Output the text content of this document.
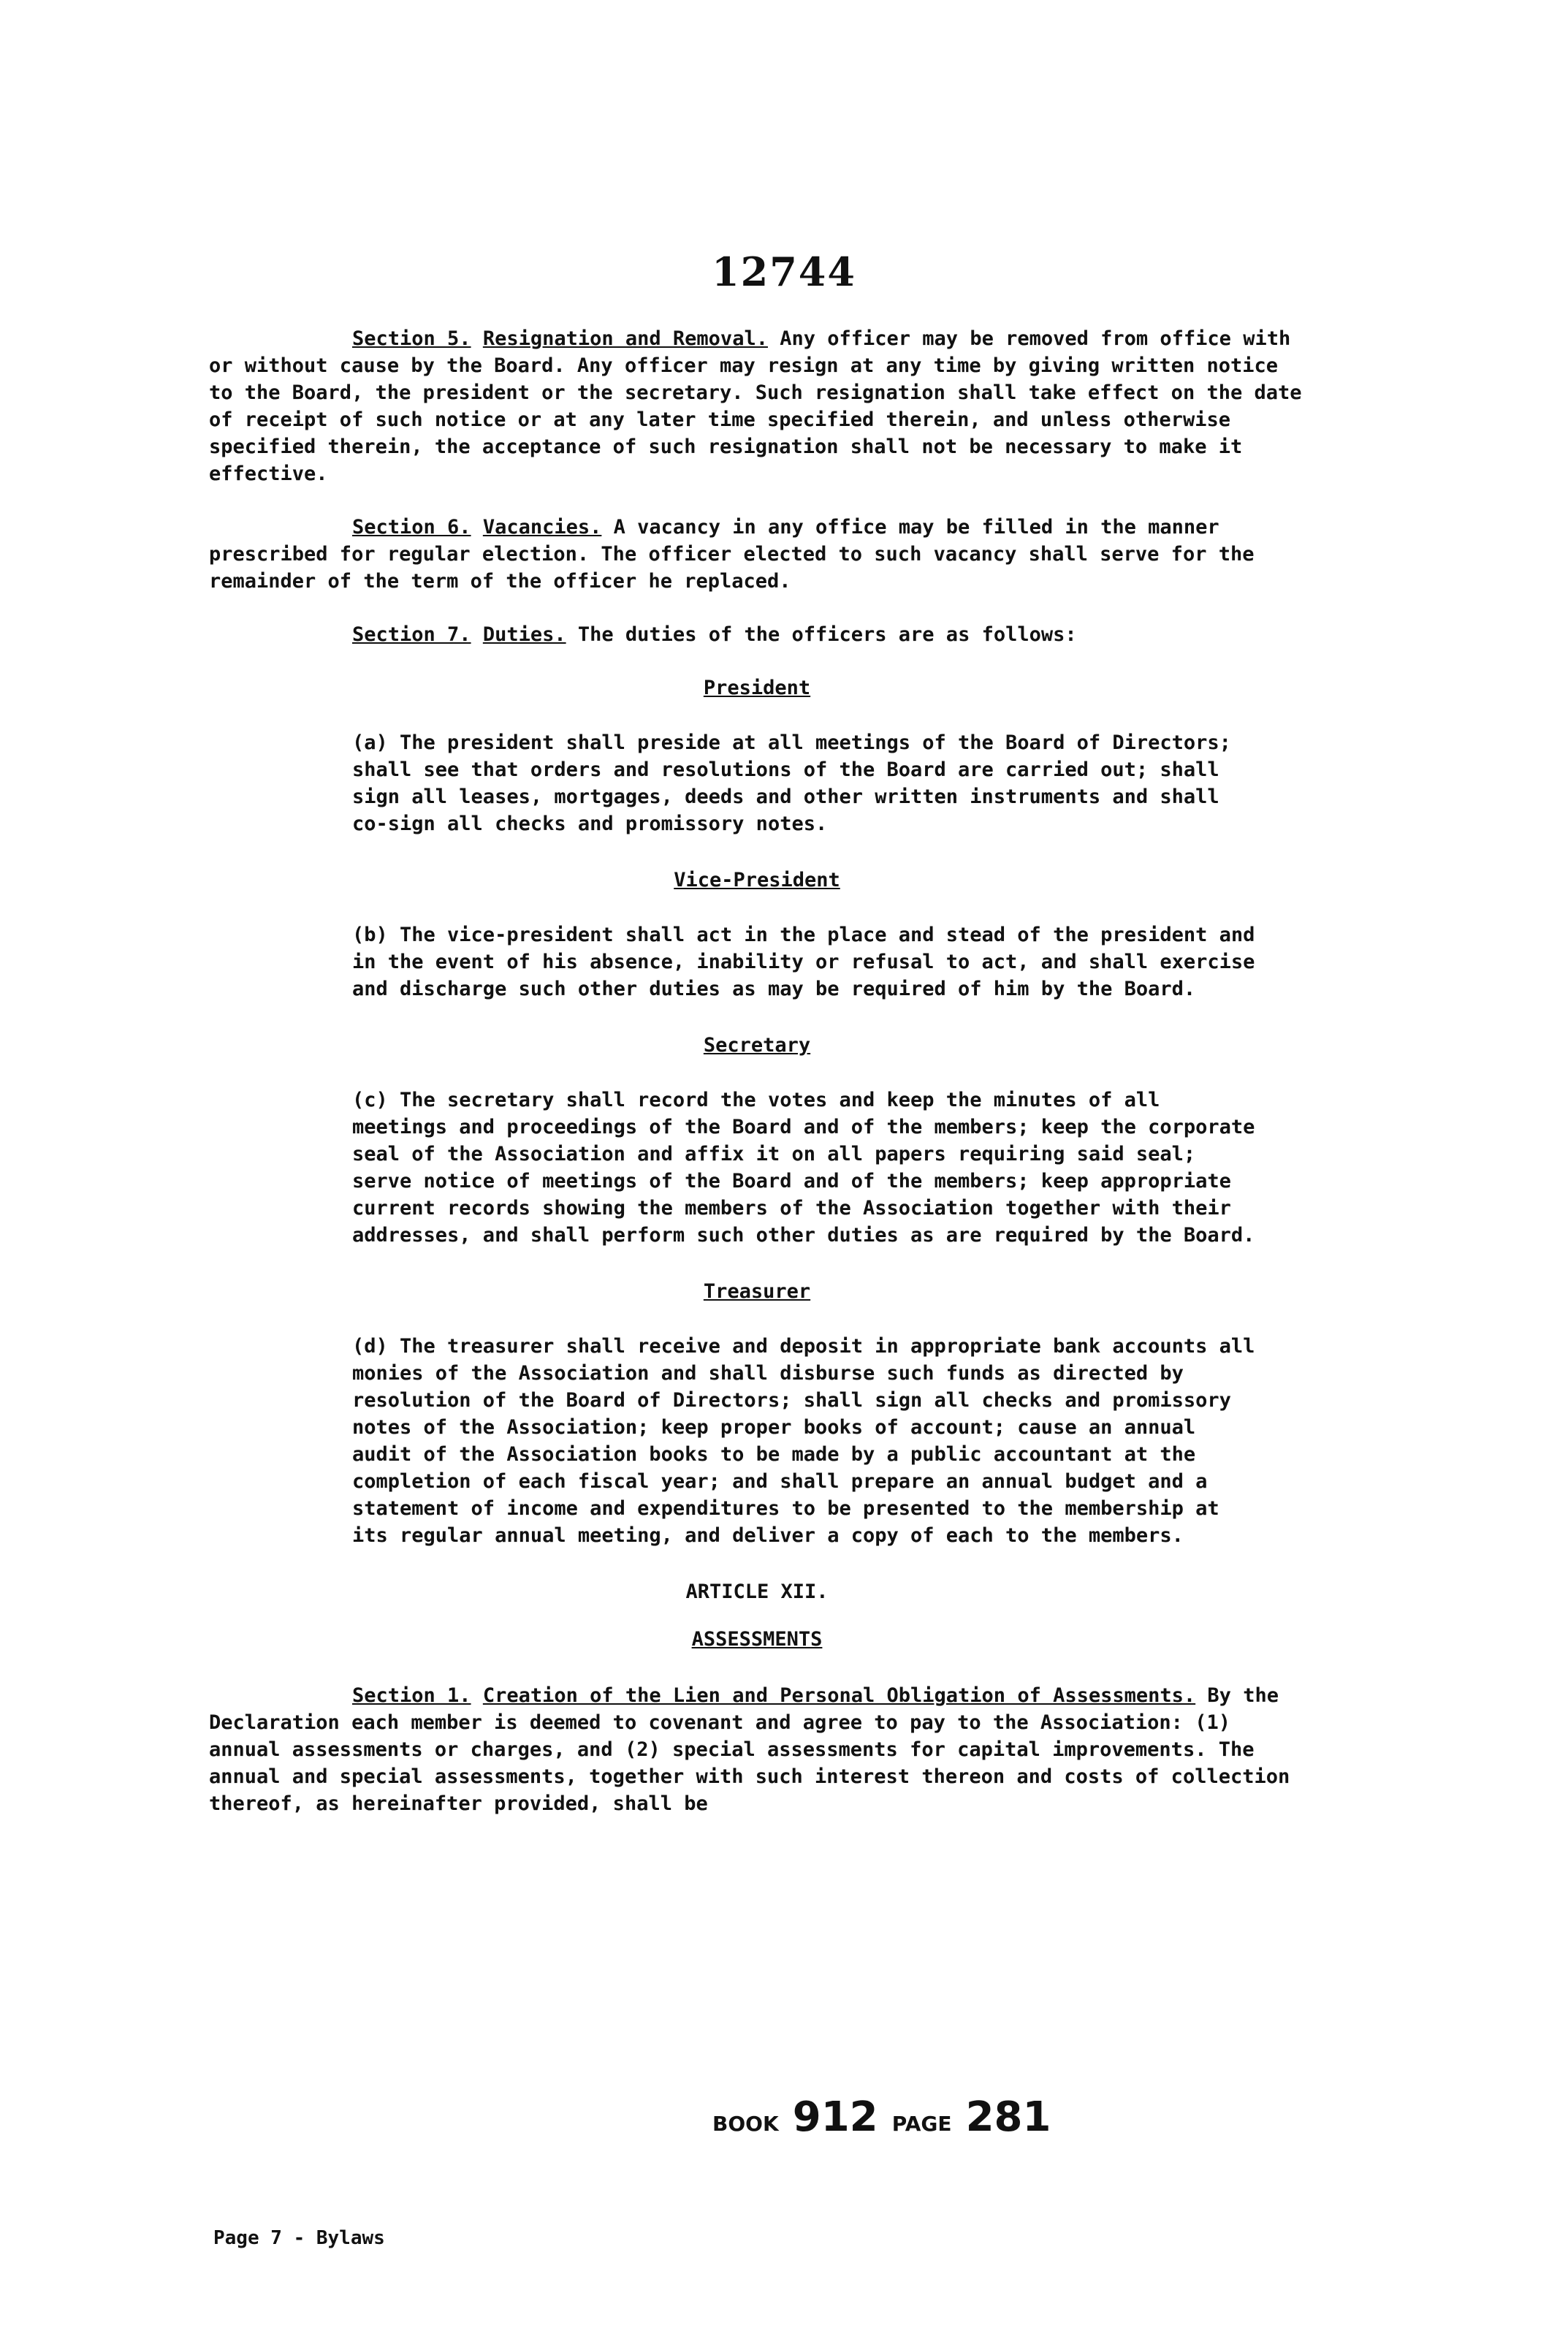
12744

Section 5. Resignation and Removal. Any officer may be removed from office with or without cause by the Board. Any officer may resign at any time by giving written notice to the Board, the president or the secretary. Such resignation shall take effect on the date of receipt of such notice or at any later time specified therein, and unless otherwise specified therein, the acceptance of such resignation shall not be necessary to make it effective.

Section 6. Vacancies. A vacancy in any office may be filled in the manner prescribed for regular election. The officer elected to such vacancy shall serve for the remainder of the term of the officer he replaced.

Section 7. Duties. The duties of the officers are as follows:

President

(a) The president shall preside at all meetings of the Board of Directors; shall see that orders and resolutions of the Board are carried out; shall sign all leases, mortgages, deeds and other written instruments and shall co-sign all checks and promissory notes.

Vice-President

(b) The vice-president shall act in the place and stead of the president and in the event of his absence, inability or refusal to act, and shall exercise and discharge such other duties as may be required of him by the Board.

Secretary

(c) The secretary shall record the votes and keep the minutes of all meetings and proceedings of the Board and of the members; keep the corporate seal of the Association and affix it on all papers requiring said seal; serve notice of meetings of the Board and of the members; keep appropriate current records showing the members of the Association together with their addresses, and shall perform such other duties as are required by the Board.

Treasurer

(d) The treasurer shall receive and deposit in appropriate bank accounts all monies of the Association and shall disburse such funds as directed by resolution of the Board of Directors; shall sign all checks and promissory notes of the Association; keep proper books of account; cause an annual audit of the Association books to be made by a public accountant at the completion of each fiscal year; and shall prepare an annual budget and a statement of income and expenditures to be presented to the membership at its regular annual meeting, and deliver a copy of each to the members.

ARTICLE XII.
ASSESSMENTS

Section 1. Creation of the Lien and Personal Obligation of Assessments. By the Declaration each member is deemed to covenant and agree to pay to the Association: (1) annual assessments or charges, and (2) special assessments for capital improvements. The annual and special assessments, together with such interest thereon and costs of collection thereof, as hereinafter provided, shall be

BOOK 912 PAGE 281
Page 7 - Bylaws
